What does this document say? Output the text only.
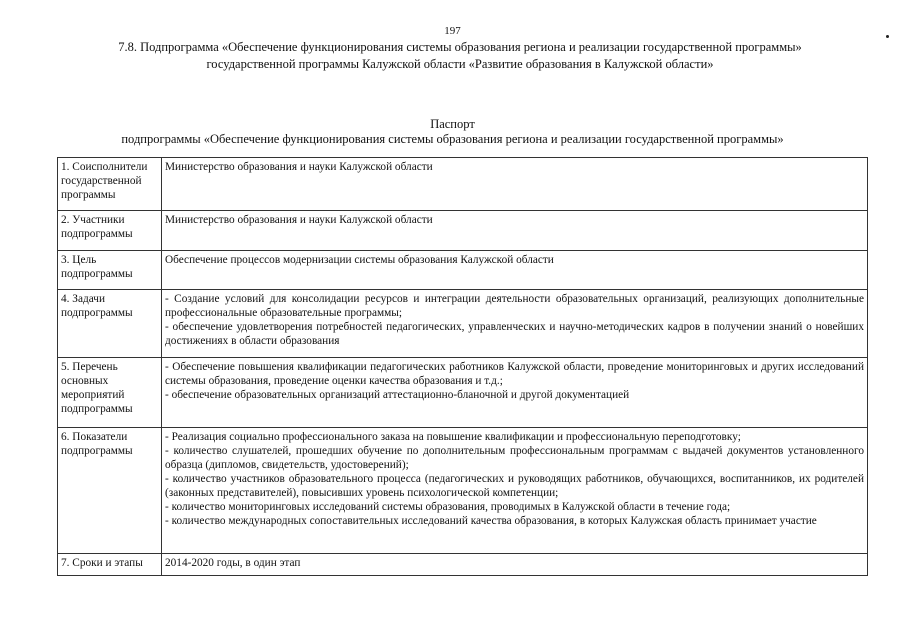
197
7.8. Подпрограмма «Обеспечение функционирования системы образования региона и реализации государственной программы»
государственной программы Калужской области «Развитие образования в Калужской области»
Паспорт
подпрограммы «Обеспечение функционирования системы образования региона и реализации государственной программы»
1. Соисполнители государственной программы	Министерство образования и науки Калужской области

2. Участники подпрограммы	Министерство образования и науки Калужской области

3. Цель подпрограммы	Обеспечение процессов модернизации системы образования Калужской области

4. Задачи подпрограммы	- Создание условий для консолидации ресурсов и интеграции деятельности образовательных организаций, реализующих дополнительные профессиональные образовательные программы;
- обеспечение удовлетворения потребностей педагогических, управленческих и научно-методических кадров в получении знаний о новейших достижениях в области образования

5. Перечень основных мероприятий подпрограммы	- Обеспечение повышения квалификации педагогических работников Калужской области, проведение мониторинговых и других исследований системы образования, проведение оценки качества образования и т.д.;
- обеспечение образовательных организаций аттестационно-бланочной и другой документацией

6. Показатели подпрограммы	- Реализация социально профессионального заказа на повышение квалификации и профессиональную переподготовку;
- количество слушателей, прошедших обучение по дополнительным профессиональным программам с выдачей документов установленного образца (дипломов, свидетельств, удостоверений);
- количество участников образовательного процесса (педагогических и руководящих работников, обучающихся, воспитанников, их родителей (законных представителей), повысивших уровень психологической компетенции;
- количество мониторинговых исследований системы образования, проводимых в Калужской области в течение года;
- количество международных сопоставительных исследований качества образования, в которых Калужская область принимает участие

7. Сроки и этапы	2014-2020 годы, в один этап
